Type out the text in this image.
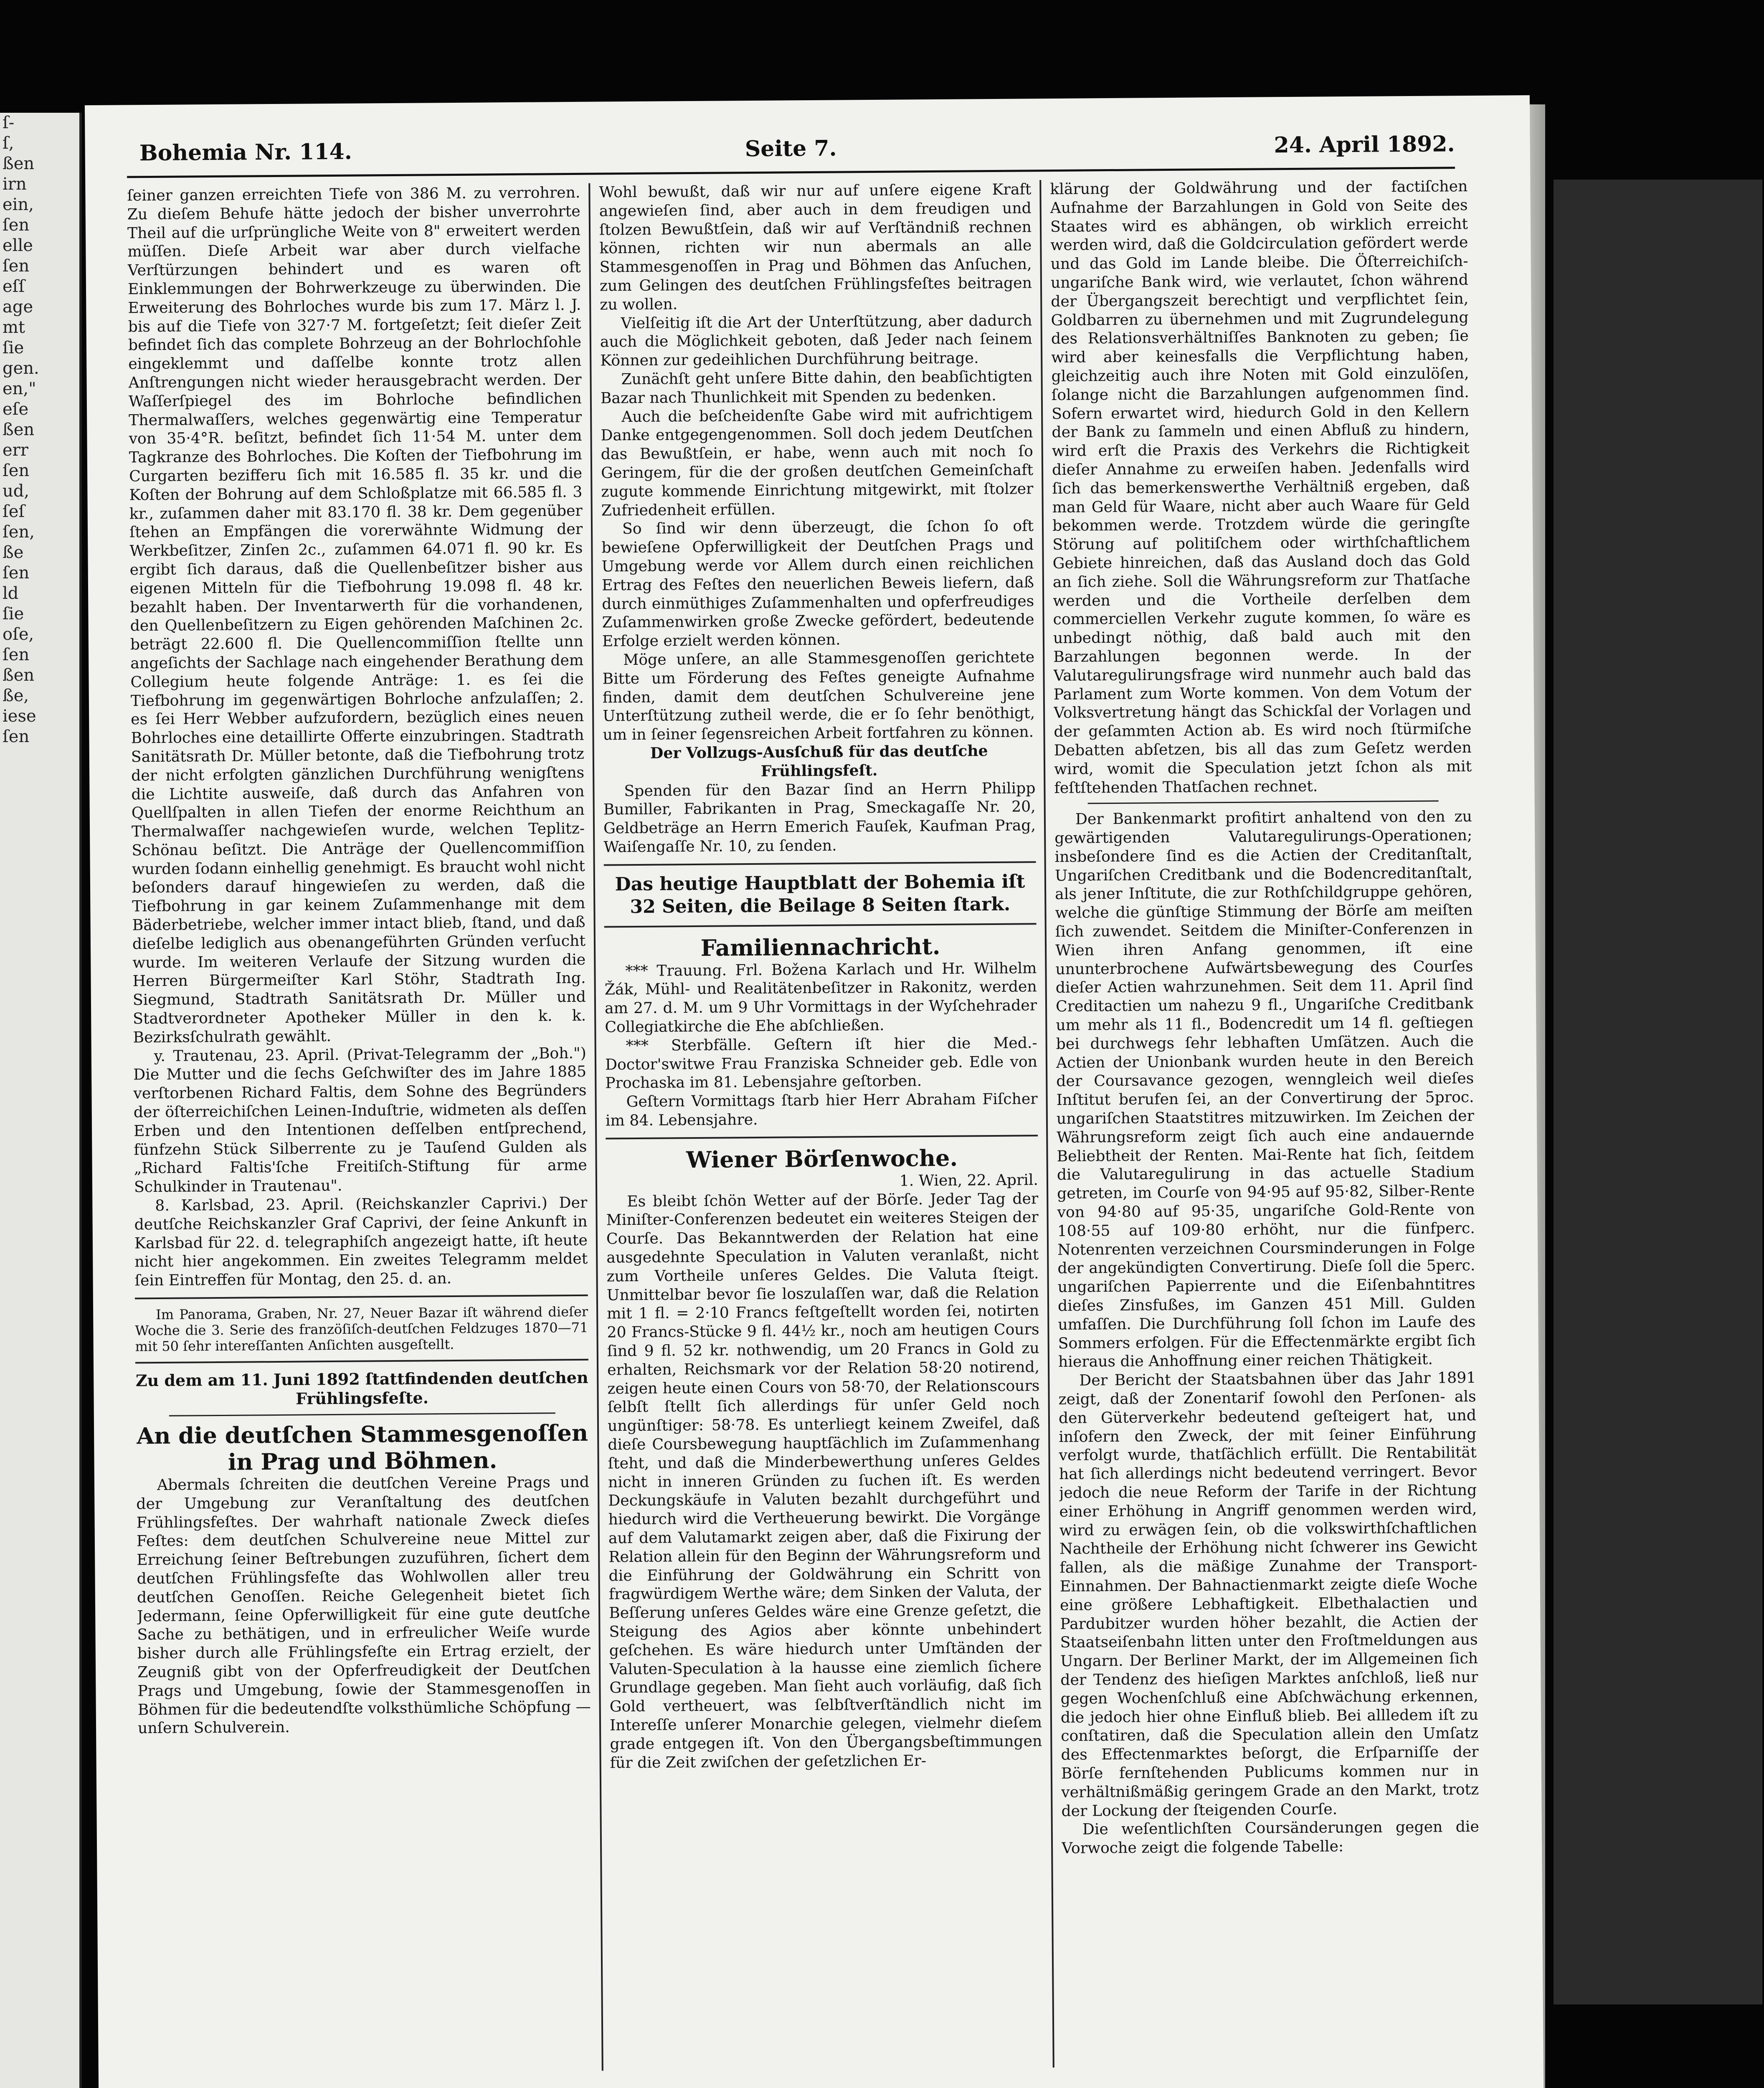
ſ-
ſ,
ßen
irn
ein,
ſen
elle
ſen
eſſ
age
mt
ſie
gen.
en,"
eſe
ßen
err
ſen
ud,
ſeſ
ſen,
ße
ſen
ld
ſie
oſe,
ſen
ßen
ße,
iese
ſen
Bohemia Nr. 114.	Seite 7.	24. April 1892.

ſeiner ganzen erreichten Tiefe von 386 M. zu verrohren. Zu dieſem Behufe hätte jedoch der bisher unverrohrte Theil auf die urſprüngliche Weite von 8" erweitert werden müſſen. Dieſe Arbeit war aber durch vielfache Verſtürzungen behindert und es waren oft Einklemmungen der Bohrwerkzeuge zu überwinden. Die Erweiterung des Bohrloches wurde bis zum 17. März l. J. bis auf die Tiefe von 327·7 M. fortgeſetzt; ſeit dieſer Zeit befindet ſich das complete Bohrzeug an der Bohrlochſohle eingeklemmt und daſſelbe konnte trotz allen Anſtrengungen nicht wieder herausgebracht werden. Der Waſſerſpiegel des im Bohrloche befindlichen Thermalwaſſers, welches gegenwärtig eine Temperatur von 35·4°R. beſitzt, befindet ſich 11·54 M. unter dem Tagkranze des Bohrloches. Die Koſten der Tiefbohrung im Curgarten bezifferu ſich mit 16.585 fl. 35 kr. und die Koſten der Bohrung auf dem Schloßplatze mit 66.585 fl. 3 kr., zuſammen daher mit 83.170 fl. 38 kr. Dem gegenüber ſtehen an Empfängen die vorerwähnte Widmung der Werkbeſitzer, Zinſen 2c., zuſammen 64.071 fl. 90 kr. Es ergibt ſich daraus, daß die Quellenbeſitzer bisher aus eigenen Mitteln für die Tiefbohrung 19.098 fl. 48 kr. bezahlt haben. Der Inventarwerth für die vorhandenen, den Quellenbeſitzern zu Eigen gehörenden Maſchinen 2c. beträgt 22.600 fl. Die Quellencommiſſion ſtellte unn angeſichts der Sachlage nach eingehender Berathung dem Collegium heute folgende Anträge: 1. es ſei die Tiefbohrung im gegenwärtigen Bohrloche anfzulaſſen; 2. es ſei Herr Webber aufzufordern, bezüglich eines neuen Bohrloches eine detaillirte Offerte einzubringen. Stadtrath Sanitätsrath Dr. Müller betonte, daß die Tiefbohrung trotz der nicht erfolgten gänzlichen Durchführung wenigſtens die Lichtite ausweiſe, daß durch das Anfahren von Quellſpalten in allen Tiefen der enorme Reichthum an Thermalwaſſer nachgewieſen wurde, welchen Teplitz-Schönau beſitzt. Die Anträge der Quellencommiſſion wurden ſodann einhellig genehmigt. Es braucht wohl nicht beſonders darauf hingewieſen zu werden, daß die Tiefbohrung in gar keinem Zuſammenhange mit dem Bäderbetriebe, welcher immer intact blieb, ſtand, und daß dieſelbe lediglich aus obenangeführten Gründen verſucht wurde. Im weiteren Verlaufe der Sitzung wurden die Herren Bürgermeiſter Karl Stöhr, Stadtrath Ing. Siegmund, Stadtrath Sanitätsrath Dr. Müller und Stadtverordneter Apotheker Müller in den k. k. Bezirksſchulrath gewählt.

y. Trautenau, 23. April. (Privat-Telegramm der „Boh.") Die Mutter und die ſechs Geſchwiſter des im Jahre 1885 verſtorbenen Richard Faltis, dem Sohne des Begründers der öſterreichiſchen Leinen-Induſtrie, widmeten als deſſen Erben und den Intentionen deſſelben entſprechend, fünfzehn Stück Silberrente zu je Tauſend Gulden als „Richard Faltis'ſche Freitiſch-Stiftung für arme Schulkinder in Trautenau".

8. Karlsbad, 23. April. (Reichskanzler Caprivi.) Der deutſche Reichskanzler Graf Caprivi, der ſeine Ankunft in Karlsbad für 22. d. telegraphiſch angezeigt hatte, iſt heute nicht hier angekommen. Ein zweites Telegramm meldet ſein Eintreffen für Montag, den 25. d. an.

Im Panorama, Graben, Nr. 27, Neuer Bazar iſt während dieſer Woche die 3. Serie des franzöſiſch-deutſchen Feldzuges 1870—71 mit 50 ſehr intereſſanten Anſichten ausgeſtellt.

Zu dem am 11. Juni 1892 ſtattfindenden deutſchen Frühlingsfeſte.

An die deutſchen Stammesgenoſſen in Prag und Böhmen.

Abermals ſchreiten die deutſchen Vereine Prags und der Umgebung zur Veranſtaltung des deutſchen Frühlingsfeſtes. Der wahrhaft nationale Zweck dieſes Feſtes: dem deutſchen Schulvereine neue Mittel zur Erreichung ſeiner Beſtrebungen zuzuführen, ſichert dem deutſchen Frühlingsfeſte das Wohlwollen aller treu deutſchen Genoſſen. Reiche Gelegenheit bietet ſich Jedermann, ſeine Opferwilligkeit für eine gute deutſche Sache zu bethätigen, und in erfreulicher Weiſe wurde bisher durch alle Frühlingsfeſte ein Ertrag erzielt, der Zeugniß gibt von der Opferfreudigkeit der Deutſchen Prags und Umgebung, ſowie der Stammesgenoſſen in Böhmen für die bedeutendſte volksthümliche Schöpfung — unſern Schulverein.

Wohl bewußt, daß wir nur auf unſere eigene Kraft angewieſen ſind, aber auch in dem freudigen und ſtolzen Bewußtſein, daß wir auf Verſtändniß rechnen können, richten wir nun abermals an alle Stammesgenoſſen in Prag und Böhmen das Anſuchen, zum Gelingen des deutſchen Frühlingsfeſtes beitragen zu wollen.

Vielſeitig iſt die Art der Unterſtützung, aber dadurch auch die Möglichkeit geboten, daß Jeder nach ſeinem Können zur gedeihlichen Durchführung beitrage.

Zunächſt geht unſere Bitte dahin, den beabſichtigten Bazar nach Thunlichkeit mit Spenden zu bedenken.

Auch die beſcheidenſte Gabe wird mit aufrichtigem Danke entgegengenommen. Soll doch jedem Deutſchen das Bewußtſein, er habe, wenn auch mit noch ſo Geringem, für die der großen deutſchen Gemeinſchaft zugute kommende Einrichtung mitgewirkt, mit ſtolzer Zufriedenheit erfüllen.

So ſind wir denn überzeugt, die ſchon ſo oft bewieſene Opferwilligkeit der Deutſchen Prags und Umgebung werde vor Allem durch einen reichlichen Ertrag des Feſtes den neuerlichen Beweis liefern, daß durch einmüthiges Zuſammenhalten und opferfreudiges Zuſammenwirken große Zwecke gefördert, bedeutende Erfolge erzielt werden können.

Möge unſere, an alle Stammesgenoſſen gerichtete Bitte um Förderung des Feſtes geneigte Aufnahme finden, damit dem deutſchen Schulvereine jene Unterſtützung zutheil werde, die er ſo ſehr benöthigt, um in ſeiner ſegensreichen Arbeit fortfahren zu können.

Der Vollzugs-Ausſchuß für das deutſche Frühlingsfeſt.

Spenden für den Bazar ſind an Herrn Philipp Bumiller, Fabrikanten in Prag, Smeckagaſſe Nr. 20, Geldbeträge an Herrn Emerich Fauſek, Kaufman Prag, Waiſengaſſe Nr. 10, zu ſenden.

Das heutige Hauptblatt der Bohemia iſt 32 Seiten, die Beilage 8 Seiten ſtark.

Familiennachricht.

*** Trauung. Frl. Božena Karlach und Hr. Wilhelm Žák, Mühl- und Realitätenbeſitzer in Rakonitz, werden am 27. d. M. um 9 Uhr Vormittags in der Wyſchehrader Collegiatkirche die Ehe abſchließen.

*** Sterbfälle. Geſtern iſt hier die Med.-Doctor'switwe Frau Franziska Schneider geb. Edle von Prochaska im 81. Lebensjahre geſtorben.

Geſtern Vormittags ſtarb hier Herr Abraham Fiſcher im 84. Lebensjahre.

Wiener Börſenwoche.

1. Wien, 22. April.

Es bleibt ſchön Wetter auf der Börſe. Jeder Tag der Miniſter-Conferenzen bedeutet ein weiteres Steigen der Courſe. Das Bekanntwerden der Relation hat eine ausgedehnte Speculation in Valuten veranlaßt, nicht zum Vortheile unſeres Geldes. Die Valuta ſteigt. Unmittelbar bevor ſie loszulaſſen war, daß die Relation mit 1 fl. = 2·10 Francs feſtgeſtellt worden ſei, notirten 20 Francs-Stücke 9 fl. 44½ kr., noch am heutigen Cours ſind 9 fl. 52 kr. nothwendig, um 20 Francs in Gold zu erhalten, Reichsmark vor der Relation 58·20 notirend, zeigen heute einen Cours von 58·70, der Relationscours ſelbſt ſtellt ſich allerdings für unſer Geld noch ungünſtiger: 58·78. Es unterliegt keinem Zweifel, daß dieſe Coursbewegung hauptſächlich im Zuſammenhang ſteht, und daß die Minderbewerthung unſeres Geldes nicht in inneren Gründen zu ſuchen iſt. Es werden Deckungskäufe in Valuten bezahlt durchgeführt und hiedurch wird die Vertheuerung bewirkt. Die Vorgänge auf dem Valutamarkt zeigen aber, daß die Fixirung der Relation allein für den Beginn der Währungsreform und die Einführung der Goldwährung ein Schritt von fragwürdigem Werthe wäre; dem Sinken der Valuta, der Beſſerung unſeres Geldes wäre eine Grenze geſetzt, die Steigung des Agios aber könnte unbehindert geſchehen. Es wäre hiedurch unter Umſtänden der Valuten-Speculation à la hausse eine ziemlich ſichere Grundlage gegeben. Man ſieht auch vorläufig, daß ſich Gold vertheuert, was ſelbſtverſtändlich nicht im Intereſſe unſerer Monarchie gelegen, vielmehr dieſem grade entgegen iſt. Von den Übergangsbeſtimmungen für die Zeit zwiſchen der geſetzlichen Er-

klärung der Goldwährung und der factiſchen Aufnahme der Barzahlungen in Gold von Seite des Staates wird es abhängen, ob wirklich erreicht werden wird, daß die Goldcirculation gefördert werde und das Gold im Lande bleibe. Die Öſterreichiſch-ungariſche Bank wird, wie verlautet, ſchon während der Übergangszeit berechtigt und verpflichtet ſein, Goldbarren zu übernehmen und mit Zugrundelegung des Relationsverhältniſſes Banknoten zu geben; ſie wird aber keinesfalls die Verpflichtung haben, gleichzeitig auch ihre Noten mit Gold einzulöſen, ſolange nicht die Barzahlungen aufgenommen ſind. Sofern erwartet wird, hiedurch Gold in den Kellern der Bank zu ſammeln und einen Abfluß zu hindern, wird erſt die Praxis des Verkehrs die Richtigkeit dieſer Annahme zu erweiſen haben. Jedenfalls wird ſich das bemerkenswerthe Verhältniß ergeben, daß man Geld für Waare, nicht aber auch Waare für Geld bekommen werde. Trotzdem würde die geringſte Störung auf politiſchem oder wirthſchaftlichem Gebiete hinreichen, daß das Ausland doch das Gold an ſich ziehe. Soll die Währungsreform zur Thatſache werden und die Vortheile derſelben dem commerciellen Verkehr zugute kommen, ſo wäre es unbedingt nöthig, daß bald auch mit den Barzahlungen begonnen werde. In der Valutaregulirungsfrage wird nunmehr auch bald das Parlament zum Worte kommen. Von dem Votum der Volksvertretung hängt das Schickſal der Vorlagen und der geſammten Action ab. Es wird noch ſtürmiſche Debatten abſetzen, bis all das zum Geſetz werden wird, womit die Speculation jetzt ſchon als mit feſtſtehenden Thatſachen rechnet.

Der Bankenmarkt profitirt anhaltend von den zu gewärtigenden Valutaregulirungs-Operationen; insbeſondere ſind es die Actien der Creditanſtalt, Ungariſchen Creditbank und die Bodencreditanſtalt, als jener Inſtitute, die zur Rothſchildgruppe gehören, welche die günſtige Stimmung der Börſe am meiſten ſich zuwendet. Seitdem die Miniſter-Conferenzen in Wien ihren Anfang genommen, iſt eine ununterbrochene Aufwärtsbewegung des Courſes dieſer Actien wahrzunehmen. Seit dem 11. April ſind Creditactien um nahezu 9 fl., Ungariſche Creditbank um mehr als 11 fl., Bodencredit um 14 fl. geſtiegen bei durchwegs ſehr lebhaften Umſätzen. Auch die Actien der Unionbank wurden heute in den Bereich der Coursavance gezogen, wenngleich weil dieſes Inſtitut berufen ſei, an der Convertirung der 5proc. ungariſchen Staatstitres mitzuwirken. Im Zeichen der Währungsreform zeigt ſich auch eine andauernde Beliebtheit der Renten. Mai-Rente hat ſich, ſeitdem die Valutaregulirung in das actuelle Stadium getreten, im Courſe von 94·95 auf 95·82, Silber-Rente von 94·80 auf 95·35, ungariſche Gold-Rente von 108·55 auf 109·80 erhöht, nur die fünfperc. Notenrenten verzeichnen Coursminderungen in Folge der angekündigten Convertirung. Dieſe ſoll die 5perc. ungariſchen Papierrente und die Eiſenbahntitres dieſes Zinsfußes, im Ganzen 451 Mill. Gulden umfaſſen. Die Durchführung ſoll ſchon im Laufe des Sommers erfolgen. Für die Effectenmärkte ergibt ſich hieraus die Anhoffnung einer reichen Thätigkeit.

Der Bericht der Staatsbahnen über das Jahr 1891 zeigt, daß der Zonentarif ſowohl den Perſonen- als den Güterverkehr bedeutend geſteigert hat, und inſofern den Zweck, der mit ſeiner Einführung verfolgt wurde, thatſächlich erfüllt. Die Rentabilität hat ſich allerdings nicht bedeutend verringert. Bevor jedoch die neue Reform der Tarife in der Richtung einer Erhöhung in Angriff genommen werden wird, wird zu erwägen ſein, ob die volkswirthſchaftlichen Nachtheile der Erhöhung nicht ſchwerer ins Gewicht fallen, als die mäßige Zunahme der Transport-Einnahmen. Der Bahnactienmarkt zeigte dieſe Woche eine größere Lebhaftigkeit. Elbethalactien und Pardubitzer wurden höher bezahlt, die Actien der Staatseiſenbahn litten unter den Froſtmeldungen aus Ungarn. Der Berliner Markt, der im Allgemeinen ſich der Tendenz des hieſigen Marktes anſchloß, ließ nur gegen Wochenſchluß eine Abſchwächung erkennen, die jedoch hier ohne Einfluß blieb. Bei allledem iſt zu conſtatiren, daß die Speculation allein den Umſatz des Effectenmarktes beſorgt, die Erſparniſſe der Börſe fernſtehenden Publicums kommen nur in verhältnißmäßig geringem Grade an den Markt, trotz der Lockung der ſteigenden Courſe.

Die weſentlichſten Coursänderungen gegen die Vorwoche zeigt die folgende Tabelle:
